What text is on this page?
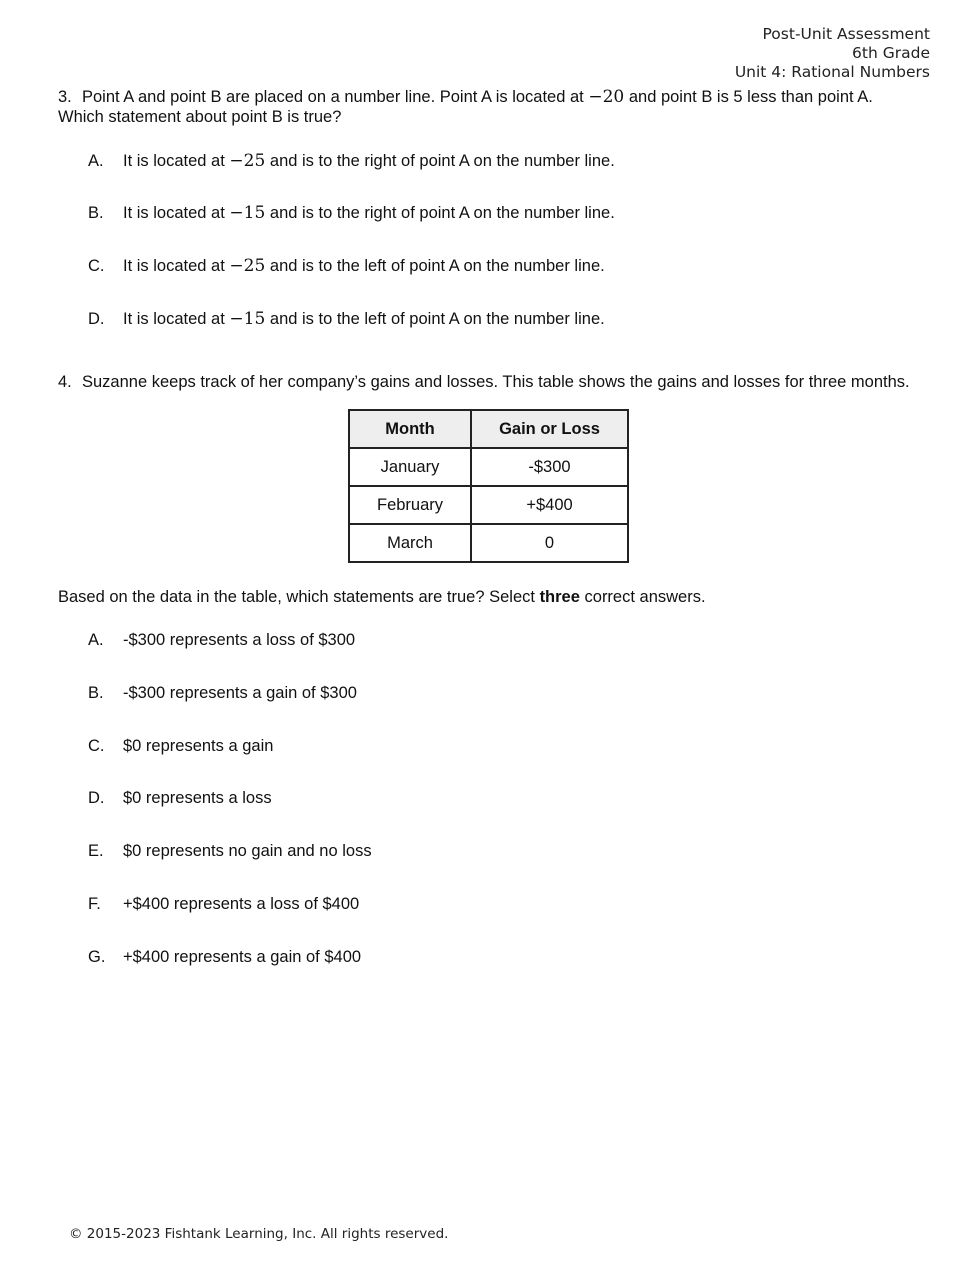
Post-Unit Assessment
6th Grade
Unit 4: Rational Numbers
3. Point A and point B are placed on a number line. Point A is located at −20 and point B is 5 less than point A.
Which statement about point B is true?
A. It is located at −25 and is to the right of point A on the number line.
B. It is located at −15 and is to the right of point A on the number line.
C. It is located at −25 and is to the left of point A on the number line.
D. It is located at −15 and is to the left of point A on the number line.
4. Suzanne keeps track of her company’s gains and losses. This table shows the gains and losses for three months.
Month	Gain or Loss
January	-$300
February	+$400
March	0
Based on the data in the table, which statements are true? Select three correct answers.
A. -$300 represents a loss of $300
B. -$300 represents a gain of $300
C. $0 represents a gain
D. $0 represents a loss
E. $0 represents no gain and no loss
F. +$400 represents a loss of $400
G. +$400 represents a gain of $400
© 2015-2023 Fishtank Learning, Inc. All rights reserved.
